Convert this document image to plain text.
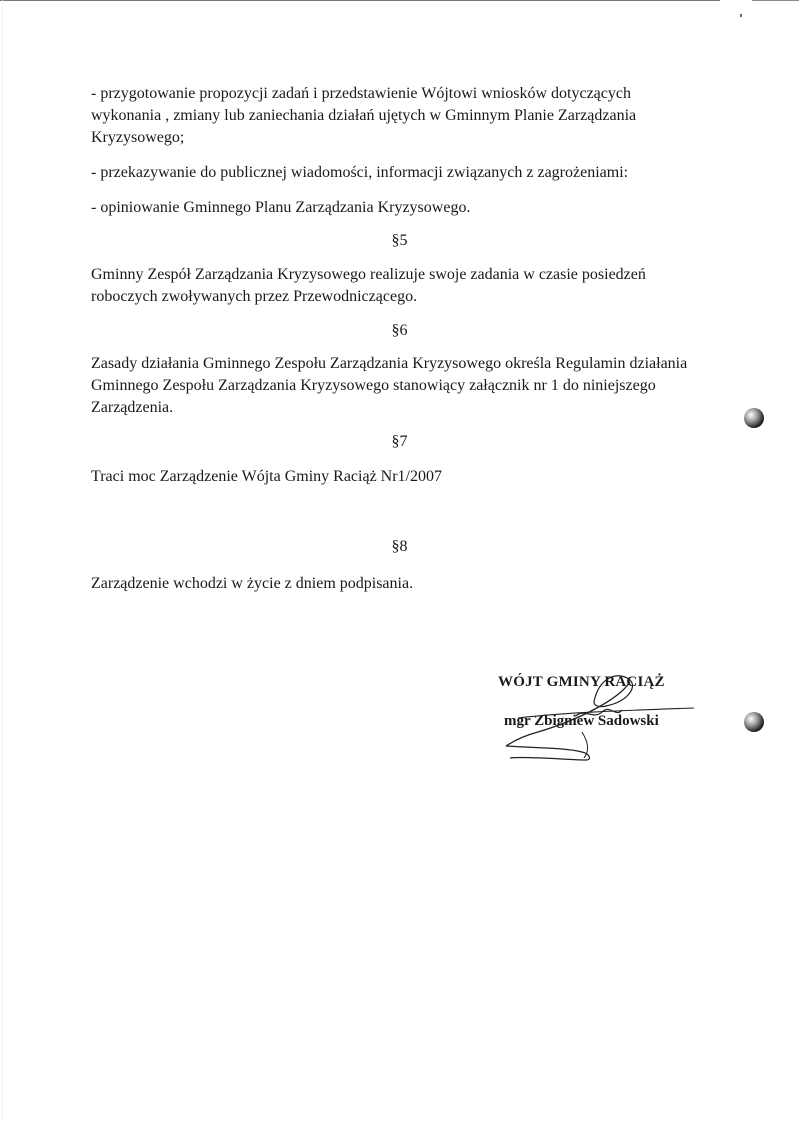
- przygotowanie propozycji zadań i przedstawienie Wójtowi wniosków dotyczących

wykonania , zmiany lub zaniechania działań ujętych w Gminnym Planie Zarządzania

Kryzysowego;

- przekazywanie do publicznej wiadomości, informacji związanych z zagrożeniami:

- opiniowanie Gminnego Planu Zarządzania Kryzysowego.

§5

Gminny Zespół Zarządzania Kryzysowego realizuje swoje zadania w czasie posiedzeń

roboczych zwoływanych przez Przewodniczącego.

§6

Zasady działania Gminnego Zespołu Zarządzania Kryzysowego określa Regulamin działania

Gminnego Zespołu Zarządzania Kryzysowego stanowiący załącznik nr 1 do niniejszego

Zarządzenia.

§7

Traci moc Zarządzenie Wójta Gminy Raciąż Nr1/2007

§8

Zarządzenie wchodzi w życie z dniem podpisania.

WÓJT GMINY RACIĄŻ

mgr Zbigniew Sadowski
